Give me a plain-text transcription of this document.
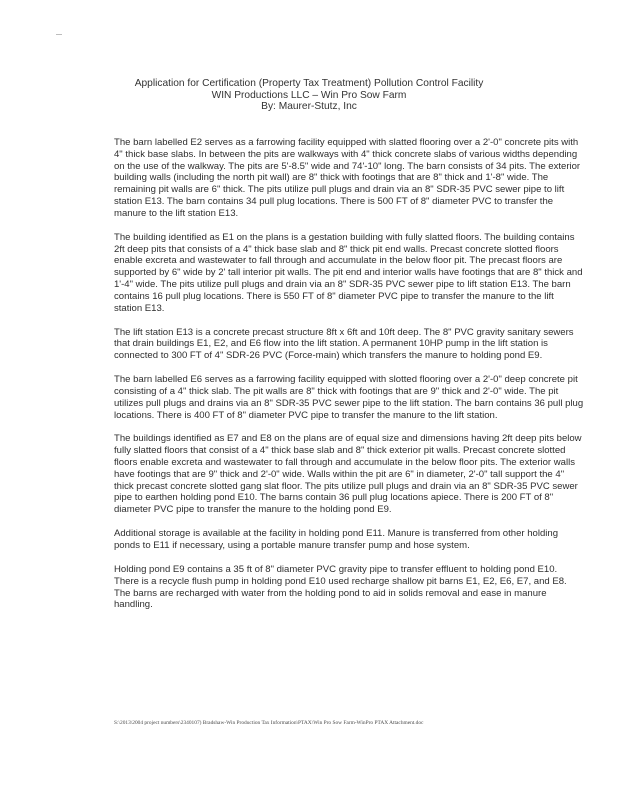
Application for Certification (Property Tax Treatment) Pollution Control Facility
WIN Productions LLC – Win Pro Sow Farm
By: Maurer-Stutz, Inc

The barn labelled E2 serves as a farrowing facility equipped with slatted flooring over a 2'-0" concrete pits with 4" thick base slabs. In between the pits are walkways with 4" thick concrete slabs of various widths depending on the use of the walkway. The pits are 5'-8.5" wide and 74'-10" long. The barn consists of 34 pits. The exterior building walls (including the north pit wall) are 8" thick with footings that are 8" thick and 1'-8" wide. The remaining pit walls are 6" thick. The pits utilize pull plugs and drain via an 8" SDR-35 PVC sewer pipe to lift station E13. The barn contains 34 pull plug locations. There is 500 FT of 8" diameter PVC to transfer the manure to the lift station E13.

The building identified as E1 on the plans is a gestation building with fully slatted floors. The building contains 2ft deep pits that consists of a 4" thick base slab and 8" thick pit end walls. Precast concrete slotted floors enable excreta and wastewater to fall through and accumulate in the below floor pit. The precast floors are supported by 6" wide by 2' tall interior pit walls. The pit end and interior walls have footings that are 8" thick and 1'-4" wide. The pits utilize pull plugs and drain via an 8" SDR-35 PVC sewer pipe to lift station E13. The barn contains 16 pull plug locations. There is 550 FT of 8" diameter PVC pipe to transfer the manure to the lift station E13.

The lift station E13 is a concrete precast structure 8ft x 6ft and 10ft deep. The 8" PVC gravity sanitary sewers that drain buildings E1, E2, and E6 flow into the lift station. A permanent 10HP pump in the lift station is connected to 300 FT of 4" SDR-26 PVC (Force-main) which transfers the manure to holding pond E9.

The barn labelled E6 serves as a farrowing facility equipped with slotted flooring over a 2'-0" deep concrete pit consisting of a 4" thick slab. The pit walls are 8" thick with footings that are 9" thick and 2'-0" wide. The pit utilizes pull plugs and drains via an 8" SDR-35 PVC sewer pipe to the lift station. The barn contains 36 pull plug locations. There is 400 FT of 8" diameter PVC pipe to transfer the manure to the lift station.

The buildings identified as E7 and E8 on the plans are of equal size and dimensions having 2ft deep pits below fully slatted floors that consist of a 4" thick base slab and 8" thick exterior pit walls. Precast concrete slotted floors enable excreta and wastewater to fall through and accumulate in the below floor pits. The exterior walls have footings that are 9" thick and 2'-0" wide. Walls within the pit are 6" in diameter, 2'-0" tall support the 4" thick precast concrete slotted gang slat floor. The pits utilize pull plugs and drain via an 8" SDR-35 PVC sewer pipe to earthen holding pond E10. The barns contain 36 pull plug locations apiece. There is 200 FT of 8" diameter PVC pipe to transfer the manure to the holding pond E9.

Additional storage is available at the facility in holding pond E11. Manure is transferred from other holding ponds to E11 if necessary, using a portable manure transfer pump and hose system.

Holding pond E9 contains a 35 ft of 8" diameter PVC gravity pipe to transfer effluent to holding pond E10. There is a recycle flush pump in holding pond E10 used recharge shallow pit barns E1, E2, E6, E7, and E8. The barns are recharged with water from the holding pond to aid in solids removal and ease in manure handling.

S:\2013\2004 project numbers\2340107) Bradshaw-Win Production Tax Information\PTAX\Win Pro Sow Farm-WinPro PTAX Attachment.doc
